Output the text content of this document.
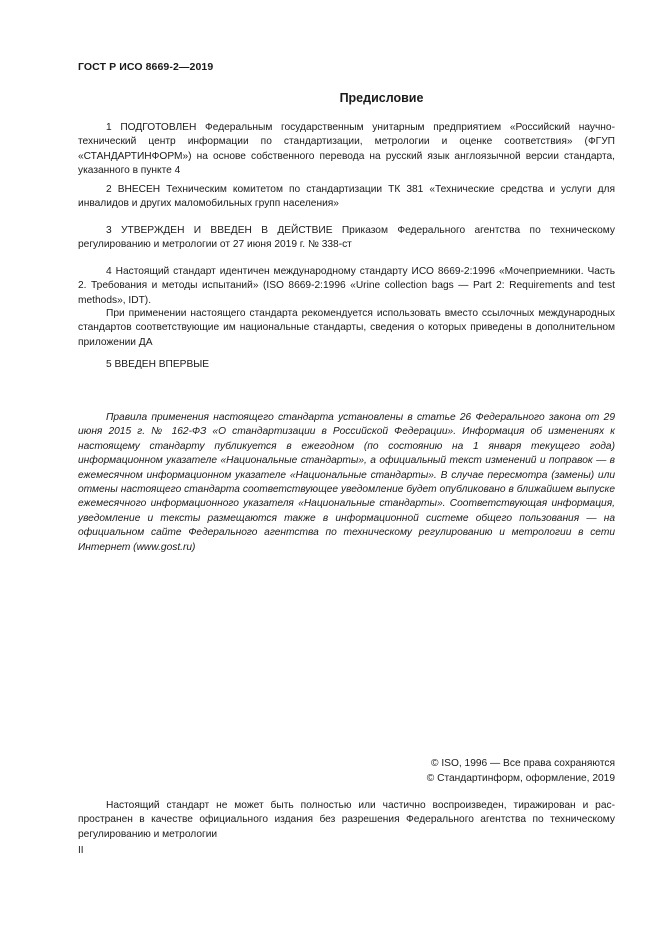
ГОСТ Р ИСО 8669-2—2019
Предисловие
1 ПОДГОТОВЛЕН Федеральным государственным унитарным предприятием «Российский научно-технический центр информации по стандартизации, метрологии и оценке соответствия» (ФГУП «СТАНДАРТИНФОРМ») на основе собственного перевода на русский язык англоязычной версии стандарта, указанного в пункте 4
2 ВНЕСЕН Техническим комитетом по стандартизации ТК 381 «Технические средства и услуги для инвалидов и других маломобильных групп населения»
3 УТВЕРЖДЕН И ВВЕДЕН В ДЕЙСТВИЕ Приказом Федерального агентства по техническому регулированию и метрологии от 27 июня 2019 г. № 338-ст
4 Настоящий стандарт идентичен международному стандарту ИСО 8669-2:1996 «Мочеприемники. Часть 2. Требования и методы испытаний» (ISO 8669-2:1996 «Urine collection bags — Part 2: Requirements and test methods», IDT).
При применении настоящего стандарта рекомендуется использовать вместо ссылочных международных стандартов соответствующие им национальные стандарты, сведения о которых приведены в дополнительном приложении ДА
5 ВВЕДЕН ВПЕРВЫЕ
Правила применения настоящего стандарта установлены в статье 26 Федерального закона от 29 июня 2015 г. № 162-ФЗ «О стандартизации в Российской Федерации». Информация об изменениях к настоящему стандарту публикуется в ежегодном (по состоянию на 1 января текущего года) информационном указателе «Национальные стандарты», а официальный текст изменений и поправок — в ежемесячном информационном указателе «Национальные стандарты». В случае пересмотра (замены) или отмены настоящего стандарта соответствующее уведомление будет опубликовано в ближайшем выпуске ежемесячного информационного указателя «Национальные стандарты». Соответствующая информация, уведомление и тексты размещаются также в информационной системе общего пользования — на официальном сайте Федерального агентства по техническому регулированию и метрологии в сети Интернет (www.gost.ru)
© ISO, 1996 — Все права сохраняются
© Стандартинформ, оформление, 2019
Настоящий стандарт не может быть полностью или частично воспроизведен, тиражирован и распространен в качестве официального издания без разрешения Федерального агентства по техническому регулированию и метрологии
II
